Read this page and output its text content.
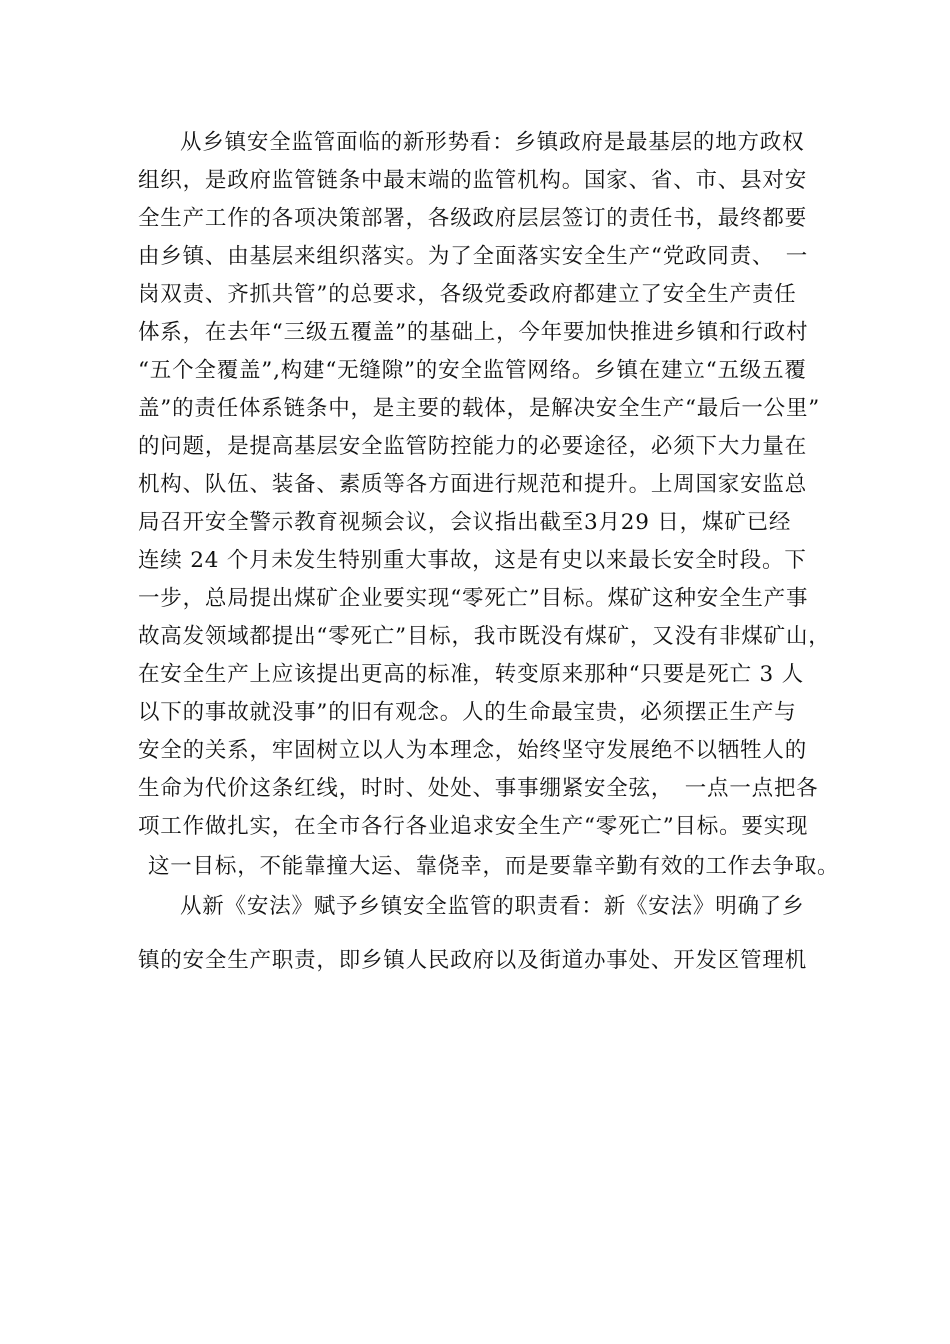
从乡镇安全监管面临的新形势看：乡镇政府是最基层的地方政权
组织，是政府监管链条中最末端的监管机构。国家、省、市、县对安
全生产工作的各项决策部署，各级政府层层签订的责任书，最终都要
由乡镇、由基层来组织落实。为了全面落实安全生产“党政同责、　一
岗双责、齐抓共管”的总要求，各级党委政府都建立了安全生产责任
体系，在去年“三级五覆盖”的基础上，今年要加快推进乡镇和行政村
“五个全覆盖”,构建“无缝隙”的安全监管网络。乡镇在建立“五级五覆
盖”的责任体系链条中，是主要的载体，是解决安全生产“最后一公里”
的问题，是提高基层安全监管防控能力的必要途径，必须下大力量在
机构、队伍、装备、素质等各方面进行规范和提升。上周国家安监总
局召开安全警示教育视频会议，会议指出截至3月29 日，煤矿已经
连续 24 个月未发生特别重大事故，这是有史以来最长安全时段。下
一步，总局提出煤矿企业要实现“零死亡”目标。煤矿这种安全生产事
故高发领域都提出“零死亡”目标，我市既没有煤矿，又没有非煤矿山，
在安全生产上应该提出更高的标准，转变原来那种“只要是死亡 3 人
以下的事故就没事”的旧有观念。人的生命最宝贵，必须摆正生产与
安全的关系，牢固树立以人为本理念，始终坚守发展绝不以牺牲人的
生命为代价这条红线，时时、处处、事事绷紧安全弦，　一点一点把各
项工作做扎实，在全市各行各业追求安全生产“零死亡”目标。要实现
这一目标，不能靠撞大运、靠侥幸，而是要靠辛勤有效的工作去争取。
从新《安法》赋予乡镇安全监管的职责看：新《安法》明确了乡
镇的安全生产职责，即乡镇人民政府以及街道办事处、开发区管理机
